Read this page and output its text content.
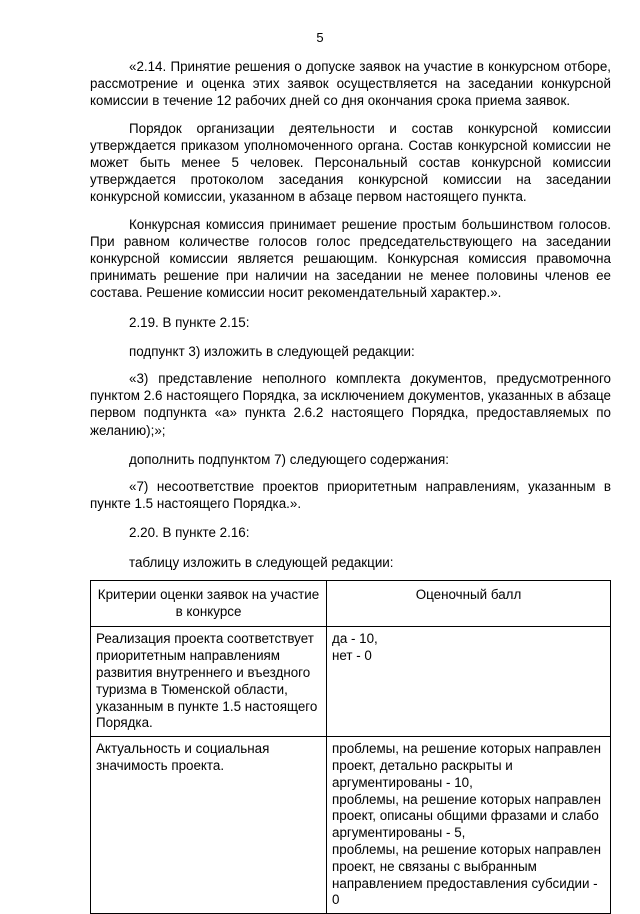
5

«2.14. Принятие решения о допуске заявок на участие в конкурсном отборе, рассмотрение и оценка этих заявок осуществляется на заседании конкурсной комиссии в течение 12 рабочих дней со дня окончания срока приема заявок.

Порядок организации деятельности и состав конкурсной комиссии утверждается приказом уполномоченного органа. Состав конкурсной комиссии не может быть менее 5 человек. Персональный состав конкурсной комиссии утверждается протоколом заседания конкурсной комиссии на заседании конкурсной комиссии, указанном в абзаце первом настоящего пункта.

Конкурсная комиссия принимает решение простым большинством голосов. При равном количестве голосов голос председательствующего на заседании конкурсной комиссии является решающим. Конкурсная комиссия правомочна принимать решение при наличии на заседании не менее половины членов ее состава. Решение комиссии носит рекомендательный характер.».

2.19. В пункте 2.15:

подпункт 3) изложить в следующей редакции:

«3) представление неполного комплекта документов, предусмотренного пунктом 2.6 настоящего Порядка, за исключением документов, указанных в абзаце первом подпункта «а» пункта 2.6.2 настоящего Порядка, предоставляемых по желанию);»;

дополнить подпунктом 7) следующего содержания:

«7) несоответствие проектов приоритетным направлениям, указанным в пункте 1.5 настоящего Порядка.».

2.20. В пункте 2.16:

таблицу изложить в следующей редакции:

Критерии оценки заявок на участие в конкурсе	Оценочный балл
Реализация проекта соответствует приоритетным направлениям развития внутреннего и въездного туризма в Тюменской области, указанным в пункте 1.5 настоящего Порядка.	да - 10,
нет - 0

Актуальность и социальная значимость проекта.	проблемы, на решение которых направлен проект, детально раскрыты и аргументированы - 10,
проблемы, на решение которых направлен проект, описаны общими фразами и слабо аргументированы - 5,
проблемы, на решение которых направлен проект, не связаны с выбранным направлением предоставления субсидии - 0
